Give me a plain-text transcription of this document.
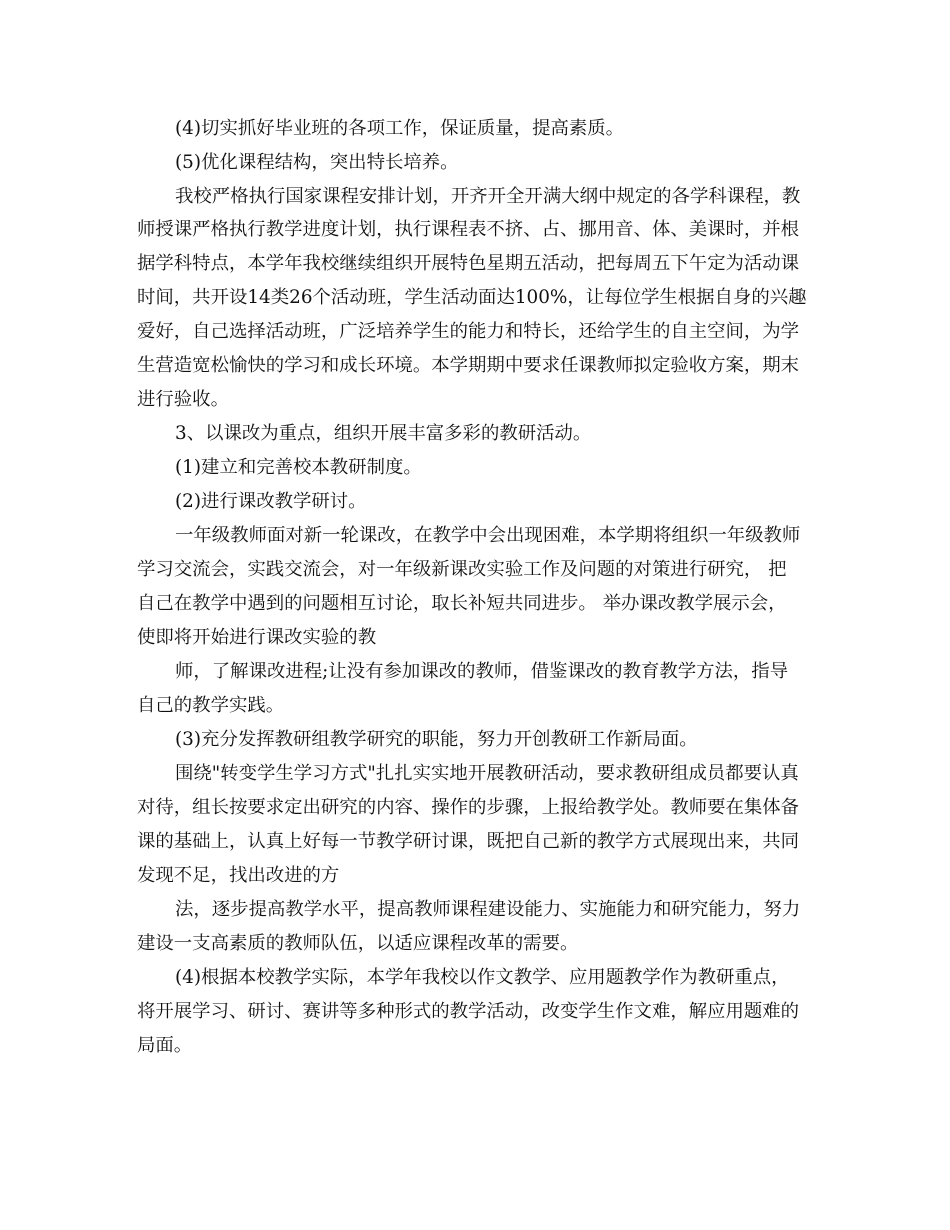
(4)切实抓好毕业班的各项工作，保证质量，提高素质。
(5)优化课程结构，突出特长培养。
我校严格执行国家课程安排计划，开齐开全开满大纲中规定的各学科课程，教
师授课严格执行教学进度计划，执行课程表不挤、占、挪用音、体、美课时，并根
据学科特点，本学年我校继续组织开展特色星期五活动，把每周五下午定为活动课
时间，共开设14类26个活动班，学生活动面达100%，让每位学生根据自身的兴趣
爱好，自己选择活动班，广泛培养学生的能力和特长，还给学生的自主空间，为学
生营造宽松愉快的学习和成长环境。本学期期中要求任课教师拟定验收方案，期末
进行验收。
3、以课改为重点，组织开展丰富多彩的教研活动。
(1)建立和完善校本教研制度。
(2)进行课改教学研讨。
一年级教师面对新一轮课改，在教学中会出现困难，本学期将组织一年级教师
学习交流会，实践交流会，对一年级新课改实验工作及问题的对策进行研究， 把
自己在教学中遇到的问题相互讨论，取长补短共同进步。 举办课改教学展示会，
使即将开始进行课改实验的教
师，了解课改进程;让没有参加课改的教师，借鉴课改的教育教学方法，指导
自己的教学实践。
(3)充分发挥教研组教学研究的职能，努力开创教研工作新局面。
围绕"转变学生学习方式"扎扎实实地开展教研活动，要求教研组成员都要认真
对待，组长按要求定出研究的内容、操作的步骤，上报给教学处。教师要在集体备
课的基础上，认真上好每一节教学研讨课，既把自己新的教学方式展现出来，共同
发现不足，找出改进的方
法，逐步提高教学水平，提高教师课程建设能力、实施能力和研究能力，努力
建设一支高素质的教师队伍，以适应课程改革的需要。
(4)根据本校教学实际，本学年我校以作文教学、应用题教学作为教研重点，
将开展学习、研讨、赛讲等多种形式的教学活动，改变学生作文难，解应用题难的
局面。
